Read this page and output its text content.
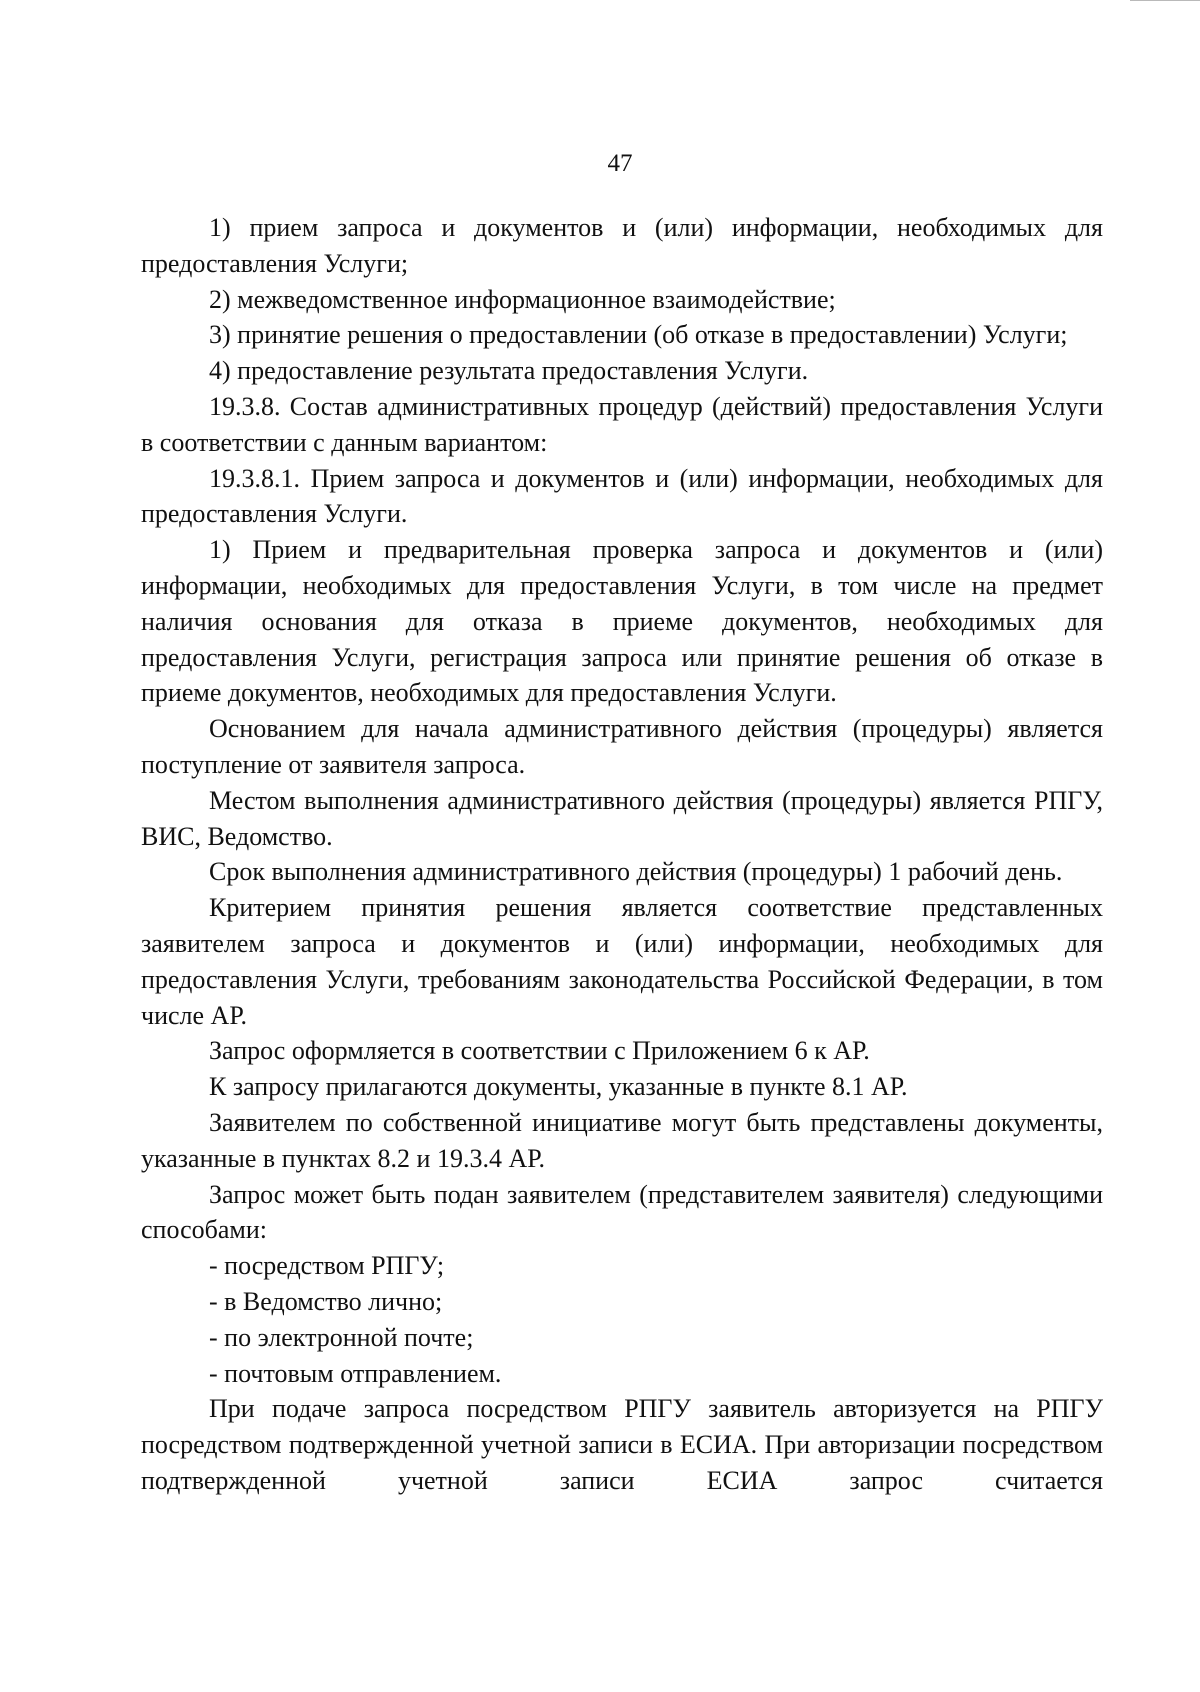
47

1) прием запроса и документов и (или) информации, необходимых для предоставления Услуги;

2) межведомственное информационное взаимодействие;

3) принятие решения о предоставлении (об отказе в предоставлении) Услуги;

4) предоставление результата предоставления Услуги.

19.3.8. Состав административных процедур (действий) предоставления Услуги в соответствии с данным вариантом:

19.3.8.1. Прием запроса и документов и (или) информации, необходимых для предоставления Услуги.

1) Прием и предварительная проверка запроса и документов и (или) информации, необходимых для предоставления Услуги, в том числе на предмет наличия основания для отказа в приеме документов, необходимых для предоставления Услуги, регистрация запроса или принятие решения об отказе в приеме документов, необходимых для предоставления Услуги.

Основанием для начала административного действия (процедуры) является поступление от заявителя запроса.

Местом выполнения административного действия (процедуры) является РПГУ, ВИС, Ведомство.

Срок выполнения административного действия (процедуры) 1 рабочий день.

Критерием принятия решения является соответствие представленных заявителем запроса и документов и (или) информации, необходимых для предоставления Услуги, требованиям законодательства Российской Федерации, в том числе АР.

Запрос оформляется в соответствии с Приложением 6 к АР.

К запросу прилагаются документы, указанные в пункте 8.1 АР.

Заявителем по собственной инициативе могут быть представлены документы, указанные в пунктах 8.2 и 19.3.4 АР.

Запрос может быть подан заявителем (представителем заявителя) следующими способами:

- посредством РПГУ;

- в Ведомство лично;

- по электронной почте;

- почтовым отправлением.

При подаче запроса посредством РПГУ заявитель авторизуется на РПГУ посредством подтвержденной учетной записи в ЕСИА. При авторизации посредством подтвержденной учетной записи ЕСИА запрос считается
